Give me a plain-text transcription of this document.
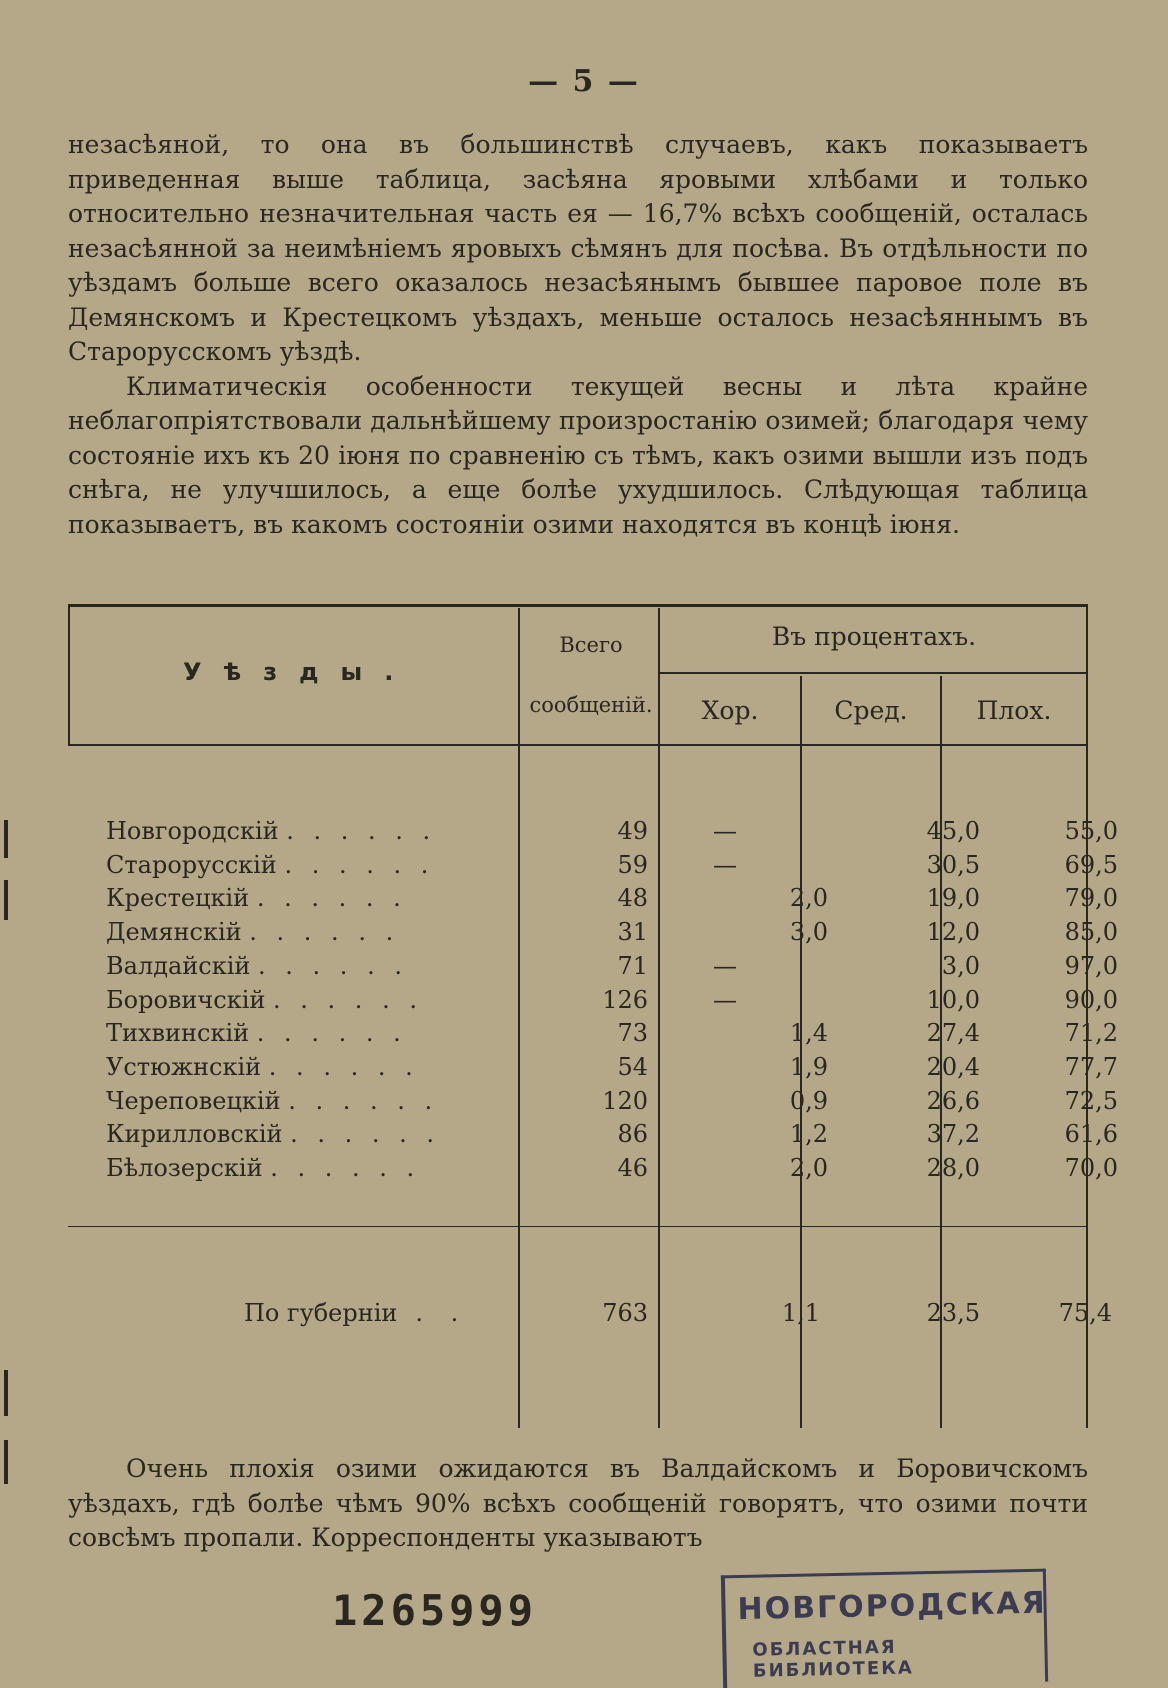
— 5 —

незасѣяной, то она въ большинствѣ случаевъ, какъ показываетъ приведенная выше таблица, засѣяна яровыми хлѣбами и только относительно незначительная часть ея — 16,7% всѣхъ сообщеній, осталась незасѣянной за неимѣніемъ яровыхъ сѣмянъ для посѣва. Въ отдѣльности по уѣздамъ больше всего оказалось незасѣянымъ бывшее паровое поле въ Демянскомъ и Крестецкомъ уѣздахъ, меньше осталось незасѣяннымъ въ Старорусскомъ уѣздѣ.

Климатическія особенности текущей весны и лѣта крайне неблагопріятствовали дальнѣйшему произростанію озимей; благодаря чему состояніе ихъ къ 20 іюня по сравненію съ тѣмъ, какъ озими вышли изъ подъ снѣга, не улучшилось, а еще болѣе ухудшилось. Слѣдующая таблица показываетъ, въ какомъ состояніи озими находятся въ концѣ іюня.

Уѣзды.
Всего
сообщеній.
Въ процентахъ.
Хор.	Сред.	Плох.
Новгородскій . . . . . .	49	—	45,0	55,0
Старорусскій . . . . . .	59	—	30,5	69,5
Крестецкій . . . . . .	48	2,0	19,0	79,0
Демянскій . . . . . .	31	3,0	12,0	85,0
Валдайскій . . . . . .	71	—	3,0	97,0
Боровичскій . . . . . .	126	—	10,0	90,0
Тихвинскій . . . . . .	73	1,4	27,4	71,2
Устюжнскій . . . . . .	54	1,9	20,4	77,7
Череповецкій . . . . . .	120	0,9	26,6	72,5
Кирилловскій . . . . . .	86	1,2	37,2	61,6
Бѣлозерскій . . . . . .	46	2,0	28,0	70,0
По губерніи . .	763	1,1	23,5	75,4
Очень плохія озими ожидаются въ Валдайскомъ и Боровичскомъ уѣздахъ, гдѣ болѣе чѣмъ 90% всѣхъ сообщеній говорятъ, что озими почти совсѣмъ пропали. Корреспонденты указываютъ
1265999	НОВГОРОДСКАЯ
ОБЛАСТНАЯ БИБЛИОТЕКА
